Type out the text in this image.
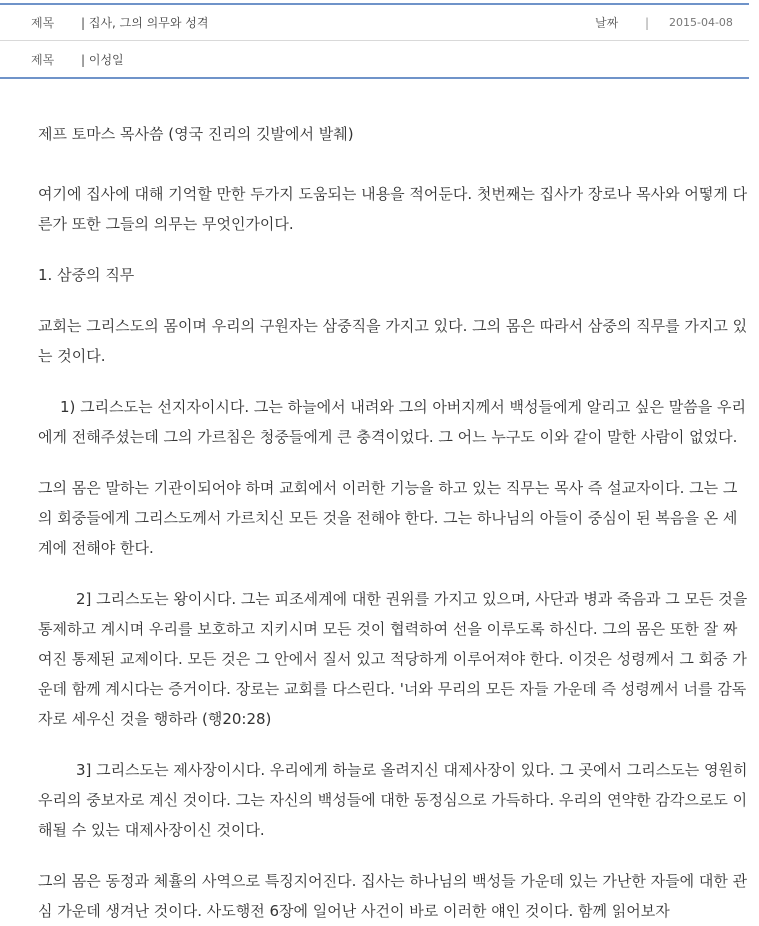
제목	| 집사, 그의 의무와 성격	날짜	|	2015-04-08
제목	| 이성일

제프 토마스 목사씀 (영국 진리의 깃발에서 발췌)

여기에 집사에 대해 기억할 만한 두가지 도움되는 내용을 적어둔다. 첫번째는 집사가 장로나 목사와 어떻게 다른가 또한 그들의 의무는 무엇인가이다.

1. 삼중의 직무

교회는 그리스도의 몸이며 우리의 구원자는 삼중직을 가지고 있다. 그의 몸은 따라서 삼중의 직무를 가지고 있는 것이다.

1) 그리스도는 선지자이시다. 그는 하늘에서 내려와 그의 아버지께서 백성들에게 알리고 싶은 말씀을 우리에게 전해주셨는데 그의 가르침은 청중들에게 큰 충격이었다. 그 어느 누구도 이와 같이 말한 사람이 없었다.

그의 몸은 말하는 기관이되어야 하며 교회에서 이러한 기능을 하고 있는 직무는 목사 즉 설교자이다. 그는 그의 회중들에게 그리스도께서 가르치신 모든 것을 전해야 한다. 그는 하나님의 아들이 중심이 된 복음을 온 세계에 전해야 한다.

2] 그리스도는 왕이시다. 그는 피조세계에 대한 권위를 가지고 있으며, 사단과 병과 죽음과 그 모든 것을 통제하고 계시며 우리를 보호하고 지키시며 모든 것이 협력하여 선을 이루도록 하신다. 그의 몸은 또한 잘 짜여진 통제된 교제이다. 모든 것은 그 안에서 질서 있고 적당하게 이루어져야 한다. 이것은 성령께서 그 회중 가운데 함께 계시다는 증거이다. 장로는 교회를 다스린다. '너와 무리의 모든 자들 가운데 즉 성령께서 너를 감독자로 세우신 것을 행하라 (행20:28)

3] 그리스도는 제사장이시다. 우리에게 하늘로 올려지신 대제사장이 있다. 그 곳에서 그리스도는 영원히 우리의 중보자로 계신 것이다. 그는 자신의 백성들에 대한 동정심으로 가득하다. 우리의 연약한 감각으로도 이해될 수 있는 대제사장이신 것이다.

그의 몸은 동정과 체휼의 사역으로 특징지어진다. 집사는 하나님의 백성들 가운데 있는 가난한 자들에 대한 관심 가운데 생겨난 것이다. 사도행전 6장에 일어난 사건이 바로 이러한 얘인 것이다. 함께 읽어보자
